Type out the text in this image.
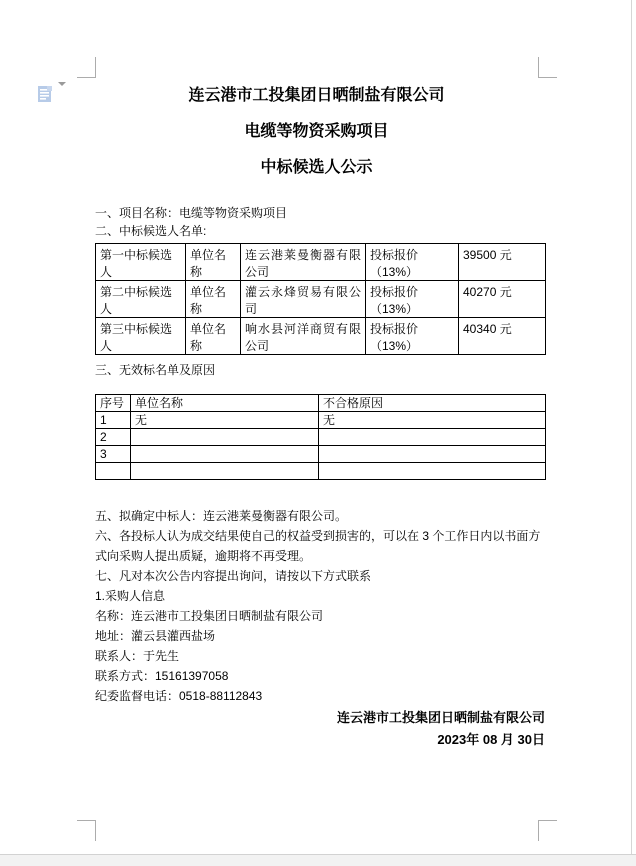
连云港市工投集团日晒制盐有限公司
电缆等物资采购项目
中标候选人公示
一、项目名称：电缆等物资采购项目
二、中标候选人名单:
第一中标候选人	单位名称	连云港莱曼衡器有限公司	投标报价（13%）	39500 元
第二中标候选人	单位名称	灌云永烽贸易有限公司	投标报价（13%）	40270 元
第三中标候选人	单位名称	响水县河洋商贸有限公司	投标报价（13%）	40340 元
三、无效标名单及原因
序号	单位名称	不合格原因
1	无	无
2		
3		

五、拟确定中标人：连云港莱曼衡器有限公司。

六、各投标人认为成交结果使自己的权益受到损害的，可以在 3 个工作日内以书面方式向采购人提出质疑，逾期将不再受理。

七、凡对本次公告内容提出询问，请按以下方式联系

1.采购人信息

名称：连云港市工投集团日晒制盐有限公司

地址：灌云县灌西盐场

联系人：于先生

联系方式：15161397058

纪委监督电话：0518-88112843

连云港市工投集团日晒制盐有限公司
2023年 08 月 30日
